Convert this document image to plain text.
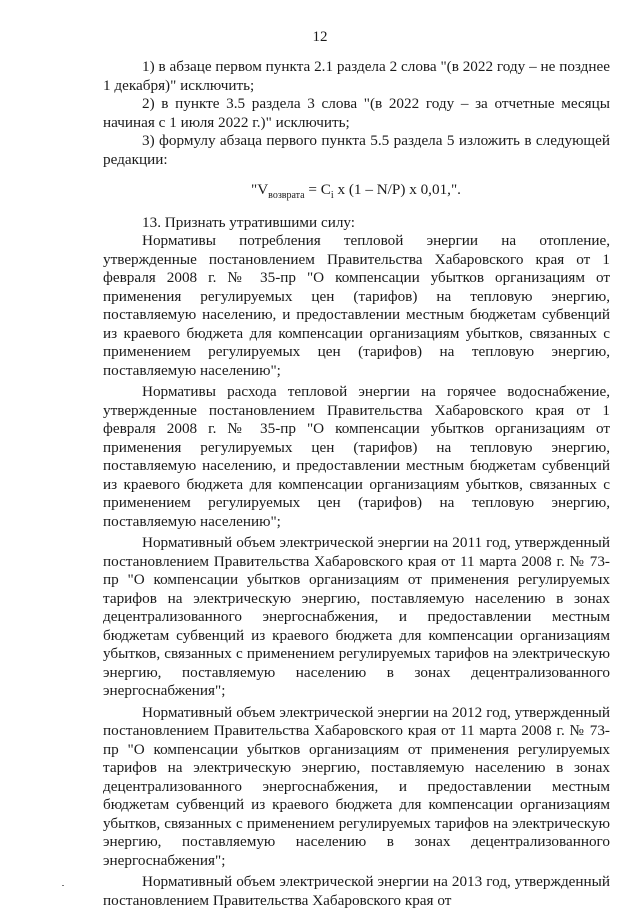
12

1) в абзаце первом пункта 2.1 раздела 2 слова "(в 2022 году – не позднее 1 декабря)" исключить;

2) в пункте 3.5 раздела 3 слова "(в 2022 году – за отчетные месяцы начиная с 1 июля 2022 г.)" исключить;

3) формулу абзаца первого пункта 5.5 раздела 5 изложить в следующей редакции:

"$V_{возврата} = C_i$ x (1 – N/P) x 0,01,".

13. Признать утратившими силу:

Нормативы потребления тепловой энергии на отопление, утвержденные постановлением Правительства Хабаровского края от 1 февраля 2008 г. № 35-пр "О компенсации убытков организациям от применения регулируемых цен (тарифов) на тепловую энергию, поставляемую населению, и предоставлении местным бюджетам субвенций из краевого бюджета для компенсации организациям убытков, связанных с применением регулируемых цен (тарифов) на тепловую энергию, поставляемую населению";

Нормативы расхода тепловой энергии на горячее водоснабжение, утвержденные постановлением Правительства Хабаровского края от 1 февраля 2008 г. № 35-пр "О компенсации убытков организациям от применения регулируемых цен (тарифов) на тепловую энергию, поставляемую населению, и предоставлении местным бюджетам субвенций из краевого бюджета для компенсации организациям убытков, связанных с применением регулируемых цен (тарифов) на тепловую энергию, поставляемую населению";

Нормативный объем электрической энергии на 2011 год, утвержденный постановлением Правительства Хабаровского края от 11 марта 2008 г. № 73-пр "О компенсации убытков организациям от применения регулируемых тарифов на электрическую энергию, поставляемую населению в зонах децентрализованного энергоснабжения, и предоставлении местным бюджетам субвенций из краевого бюджета для компенсации организациям убытков, связанных с применением регулируемых тарифов на электрическую энергию, поставляемую населению в зонах децентрализованного энергоснабжения";

Нормативный объем электрической энергии на 2012 год, утвержденный постановлением Правительства Хабаровского края от 11 марта 2008 г. № 73-пр "О компенсации убытков организациям от применения регулируемых тарифов на электрическую энергию, поставляемую населению в зонах децентрализованного энергоснабжения, и предоставлении местным бюджетам субвенций из краевого бюджета для компенсации организациям убытков, связанных с применением регулируемых тарифов на электрическую энергию, поставляемую населению в зонах децентрализованного энергоснабжения";

Нормативный объем электрической энергии на 2013 год, утвержденный постановлением Правительства Хабаровского края от
